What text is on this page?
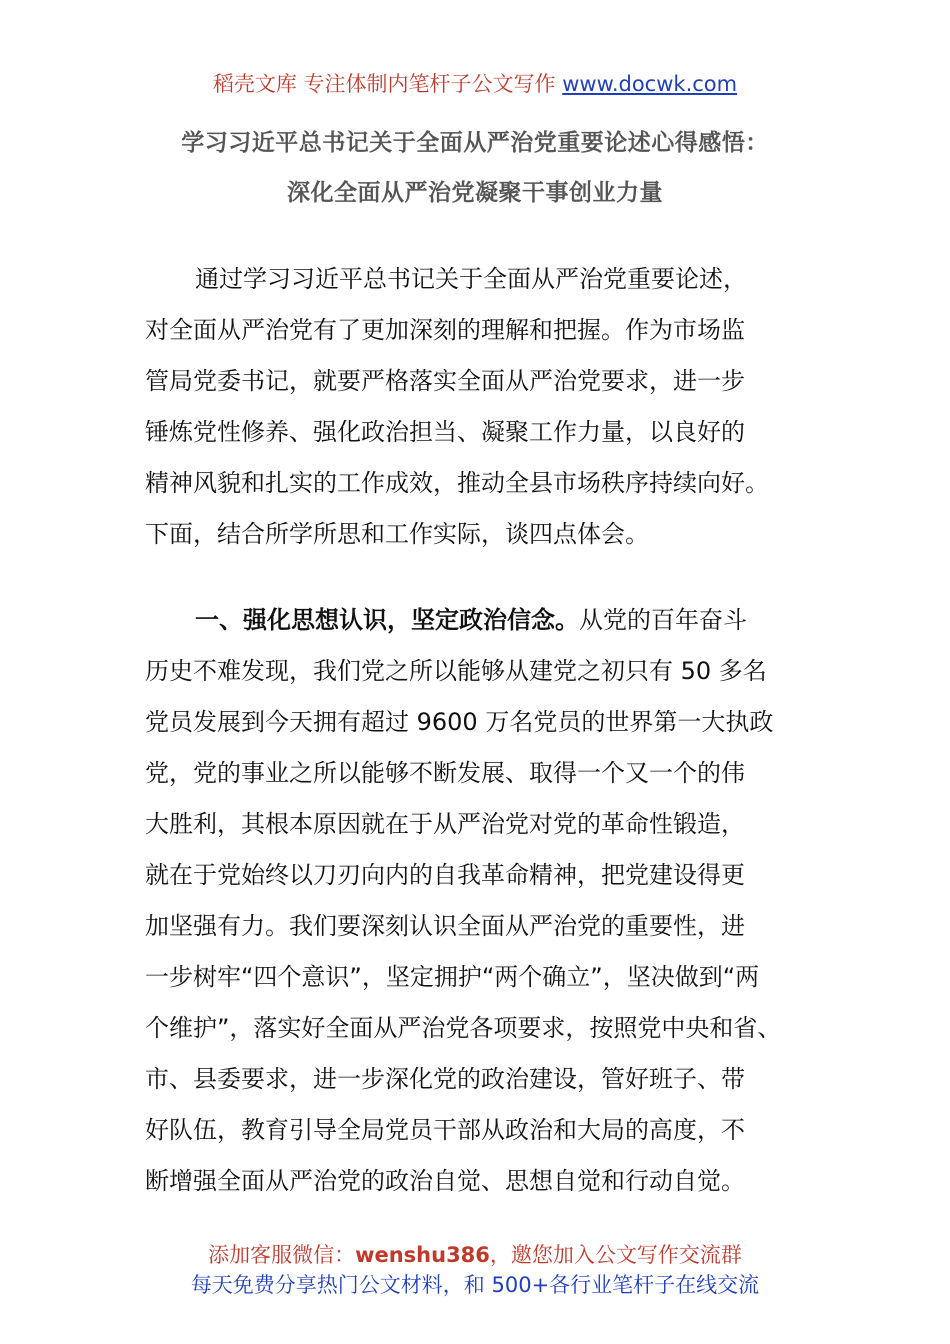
稻壳文库 专注体制内笔杆子公文写作 www.docwk.com
学习习近平总书记关于全面从严治党重要论述心得感悟：
深化全面从严治党凝聚干事创业力量
通过学习习近平总书记关于全面从严治党重要论述，
对全面从严治党有了更加深刻的理解和把握。作为市场监
管局党委书记，就要严格落实全面从严治党要求，进一步
锤炼党性修养、强化政治担当、凝聚工作力量，以良好的
精神风貌和扎实的工作成效，推动全县市场秩序持续向好。
下面，结合所学所思和工作实际，谈四点体会。
一、强化思想认识，坚定政治信念。从党的百年奋斗
历史不难发现，我们党之所以能够从建党之初只有 50 多名
党员发展到今天拥有超过 9600 万名党员的世界第一大执政
党，党的事业之所以能够不断发展、取得一个又一个的伟
大胜利，其根本原因就在于从严治党对党的革命性锻造，
就在于党始终以刀刃向内的自我革命精神，把党建设得更
加坚强有力。我们要深刻认识全面从严治党的重要性，进
一步树牢“四个意识”，坚定拥护“两个确立”，坚决做到“两
个维护”，落实好全面从严治党各项要求，按照党中央和省、
市、县委要求，进一步深化党的政治建设，管好班子、带
好队伍，教育引导全局党员干部从政治和大局的高度，不
断增强全面从严治党的政治自觉、思想自觉和行动自觉。
添加客服微信：wenshu386，邀您加入公文写作交流群
每天免费分享热门公文材料，和 500+各行业笔杆子在线交流
